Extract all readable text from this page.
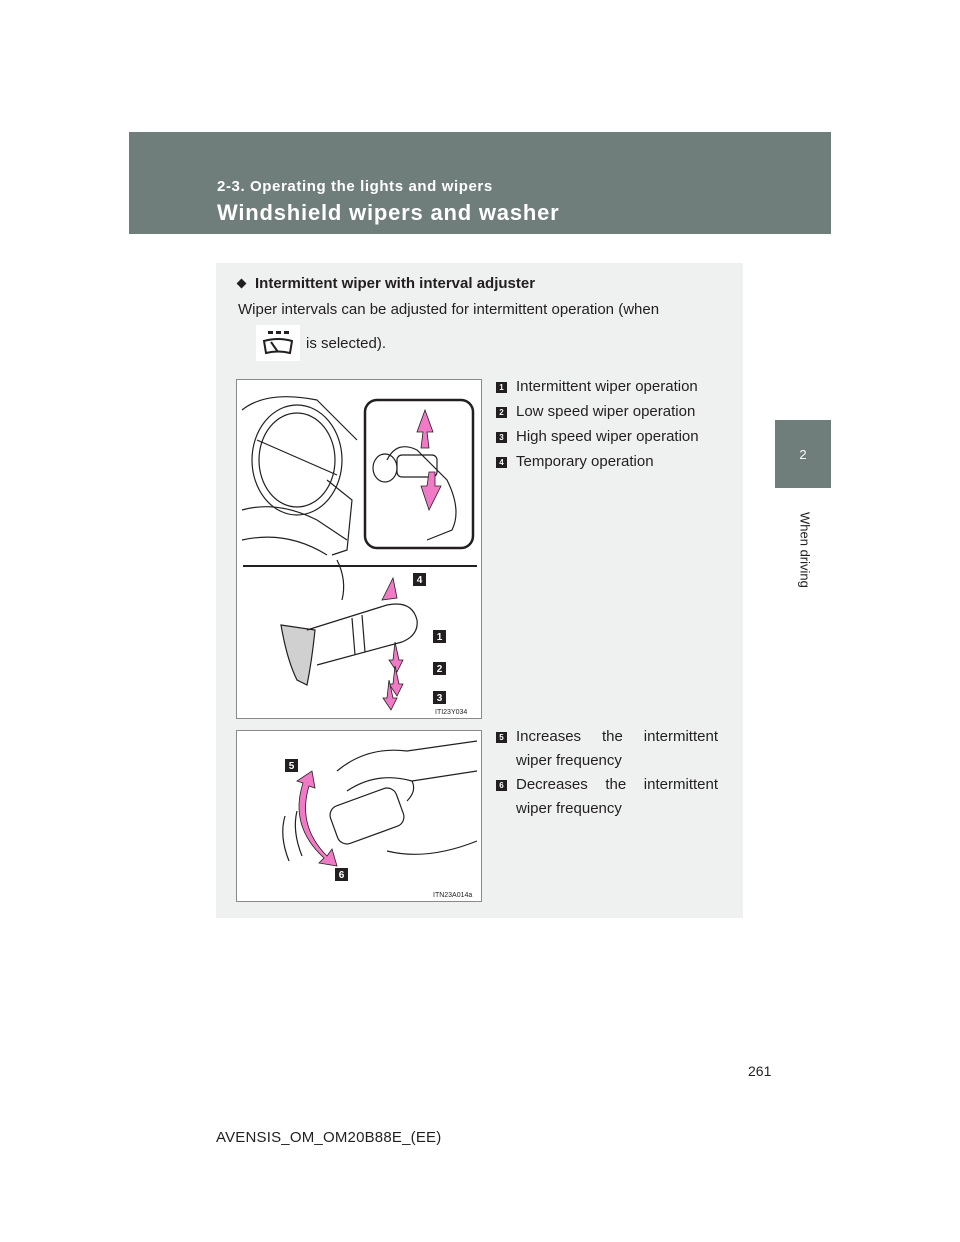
2-3. Operating the lights and wipers
Windshield wipers and washer
2
When driving
Intermittent wiper with interval adjuster
Wiper intervals can be adjusted for intermittent operation (when
is selected).
4
1
2
3
ITI23Y034
1 Intermittent wiper operation
2 Low speed wiper operation
3 High speed wiper operation
4 Temporary operation
5
6
ITN23A014a
5 Increases the intermittent
wiper frequency
6 Decreases the intermittent
wiper frequency
261
AVENSIS_OM_OM20B88E_(EE)
